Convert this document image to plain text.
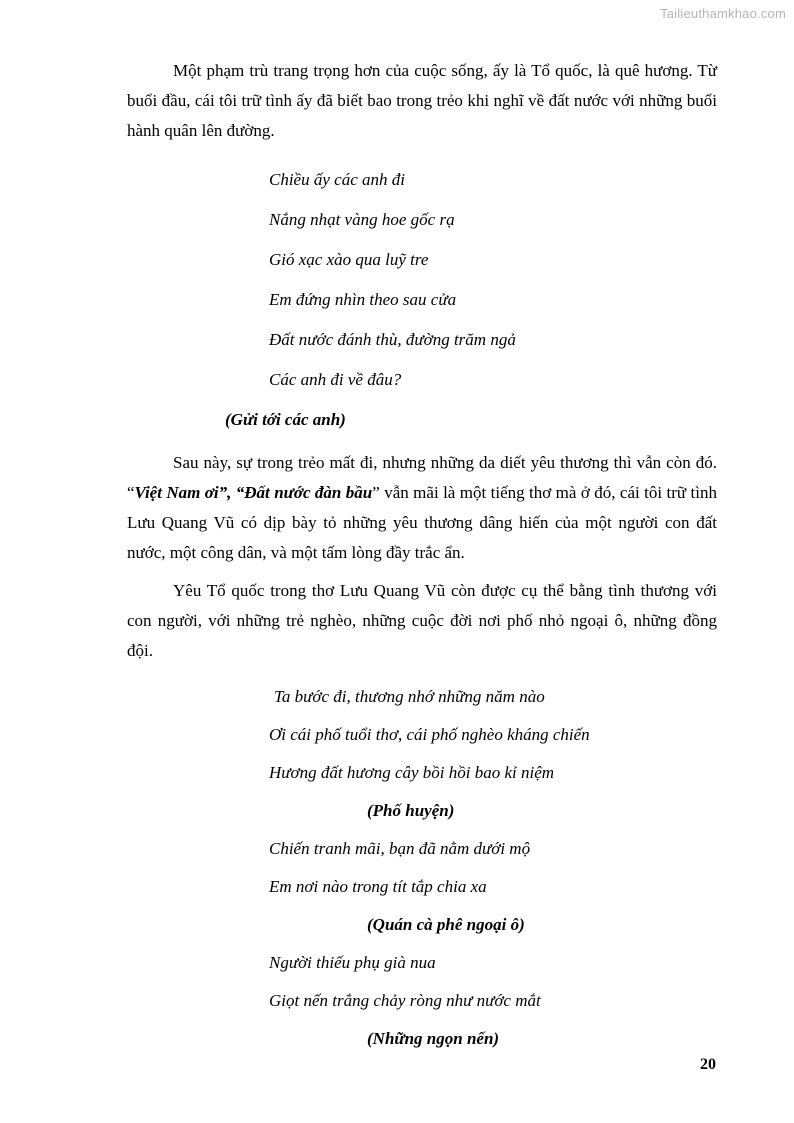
Tailieuthamkhao.com

Một phạm trù trang trọng hơn của cuộc sống, ấy là Tổ quốc, là quê hương. Từ buổi đầu, cái tôi trữ tình ấy đã biết bao trong trẻo khi nghĩ về đất nước với những buổi hành quân lên đường.

Chiều ấy các anh đi

Nắng nhạt vàng hoe gốc rạ

Gió xạc xào qua luỹ tre

Em đứng nhìn theo sau cửa

Đất nước đánh thù, đường trăm ngả

Các anh đi về đâu?

(Gửi tới các anh)

Sau này, sự trong trẻo mất đi, nhưng những da diết yêu thương thì vẫn còn đó. “Việt Nam ơi”, “Đất nước đàn bầu” vẫn mãi là một tiếng thơ mà ở đó, cái tôi trữ tình Lưu Quang Vũ có dịp bày tỏ những yêu thương dâng hiến của một người con đất nước, một công dân, và một tấm lòng đầy trắc ẩn.

Yêu Tổ quốc trong thơ Lưu Quang Vũ còn được cụ thể bằng tình thương với con người, với những trẻ nghèo, những cuộc đời nơi phố nhỏ ngoại ô, những đồng đội.

Ta bước đi, thương nhớ những năm nào

Ơi cái phố tuổi thơ, cái phố nghèo kháng chiến

Hương đất hương cây bồi hồi bao kỉ niệm

(Phố huyện)

Chiến tranh mãi, bạn đã nằm dưới mộ

Em nơi nào trong tít tắp chia xa

(Quán cà phê ngoại ô)

Người thiếu phụ già nua

Giọt nến trắng chảy ròng như nước mắt

(Những ngọn nến)

20
